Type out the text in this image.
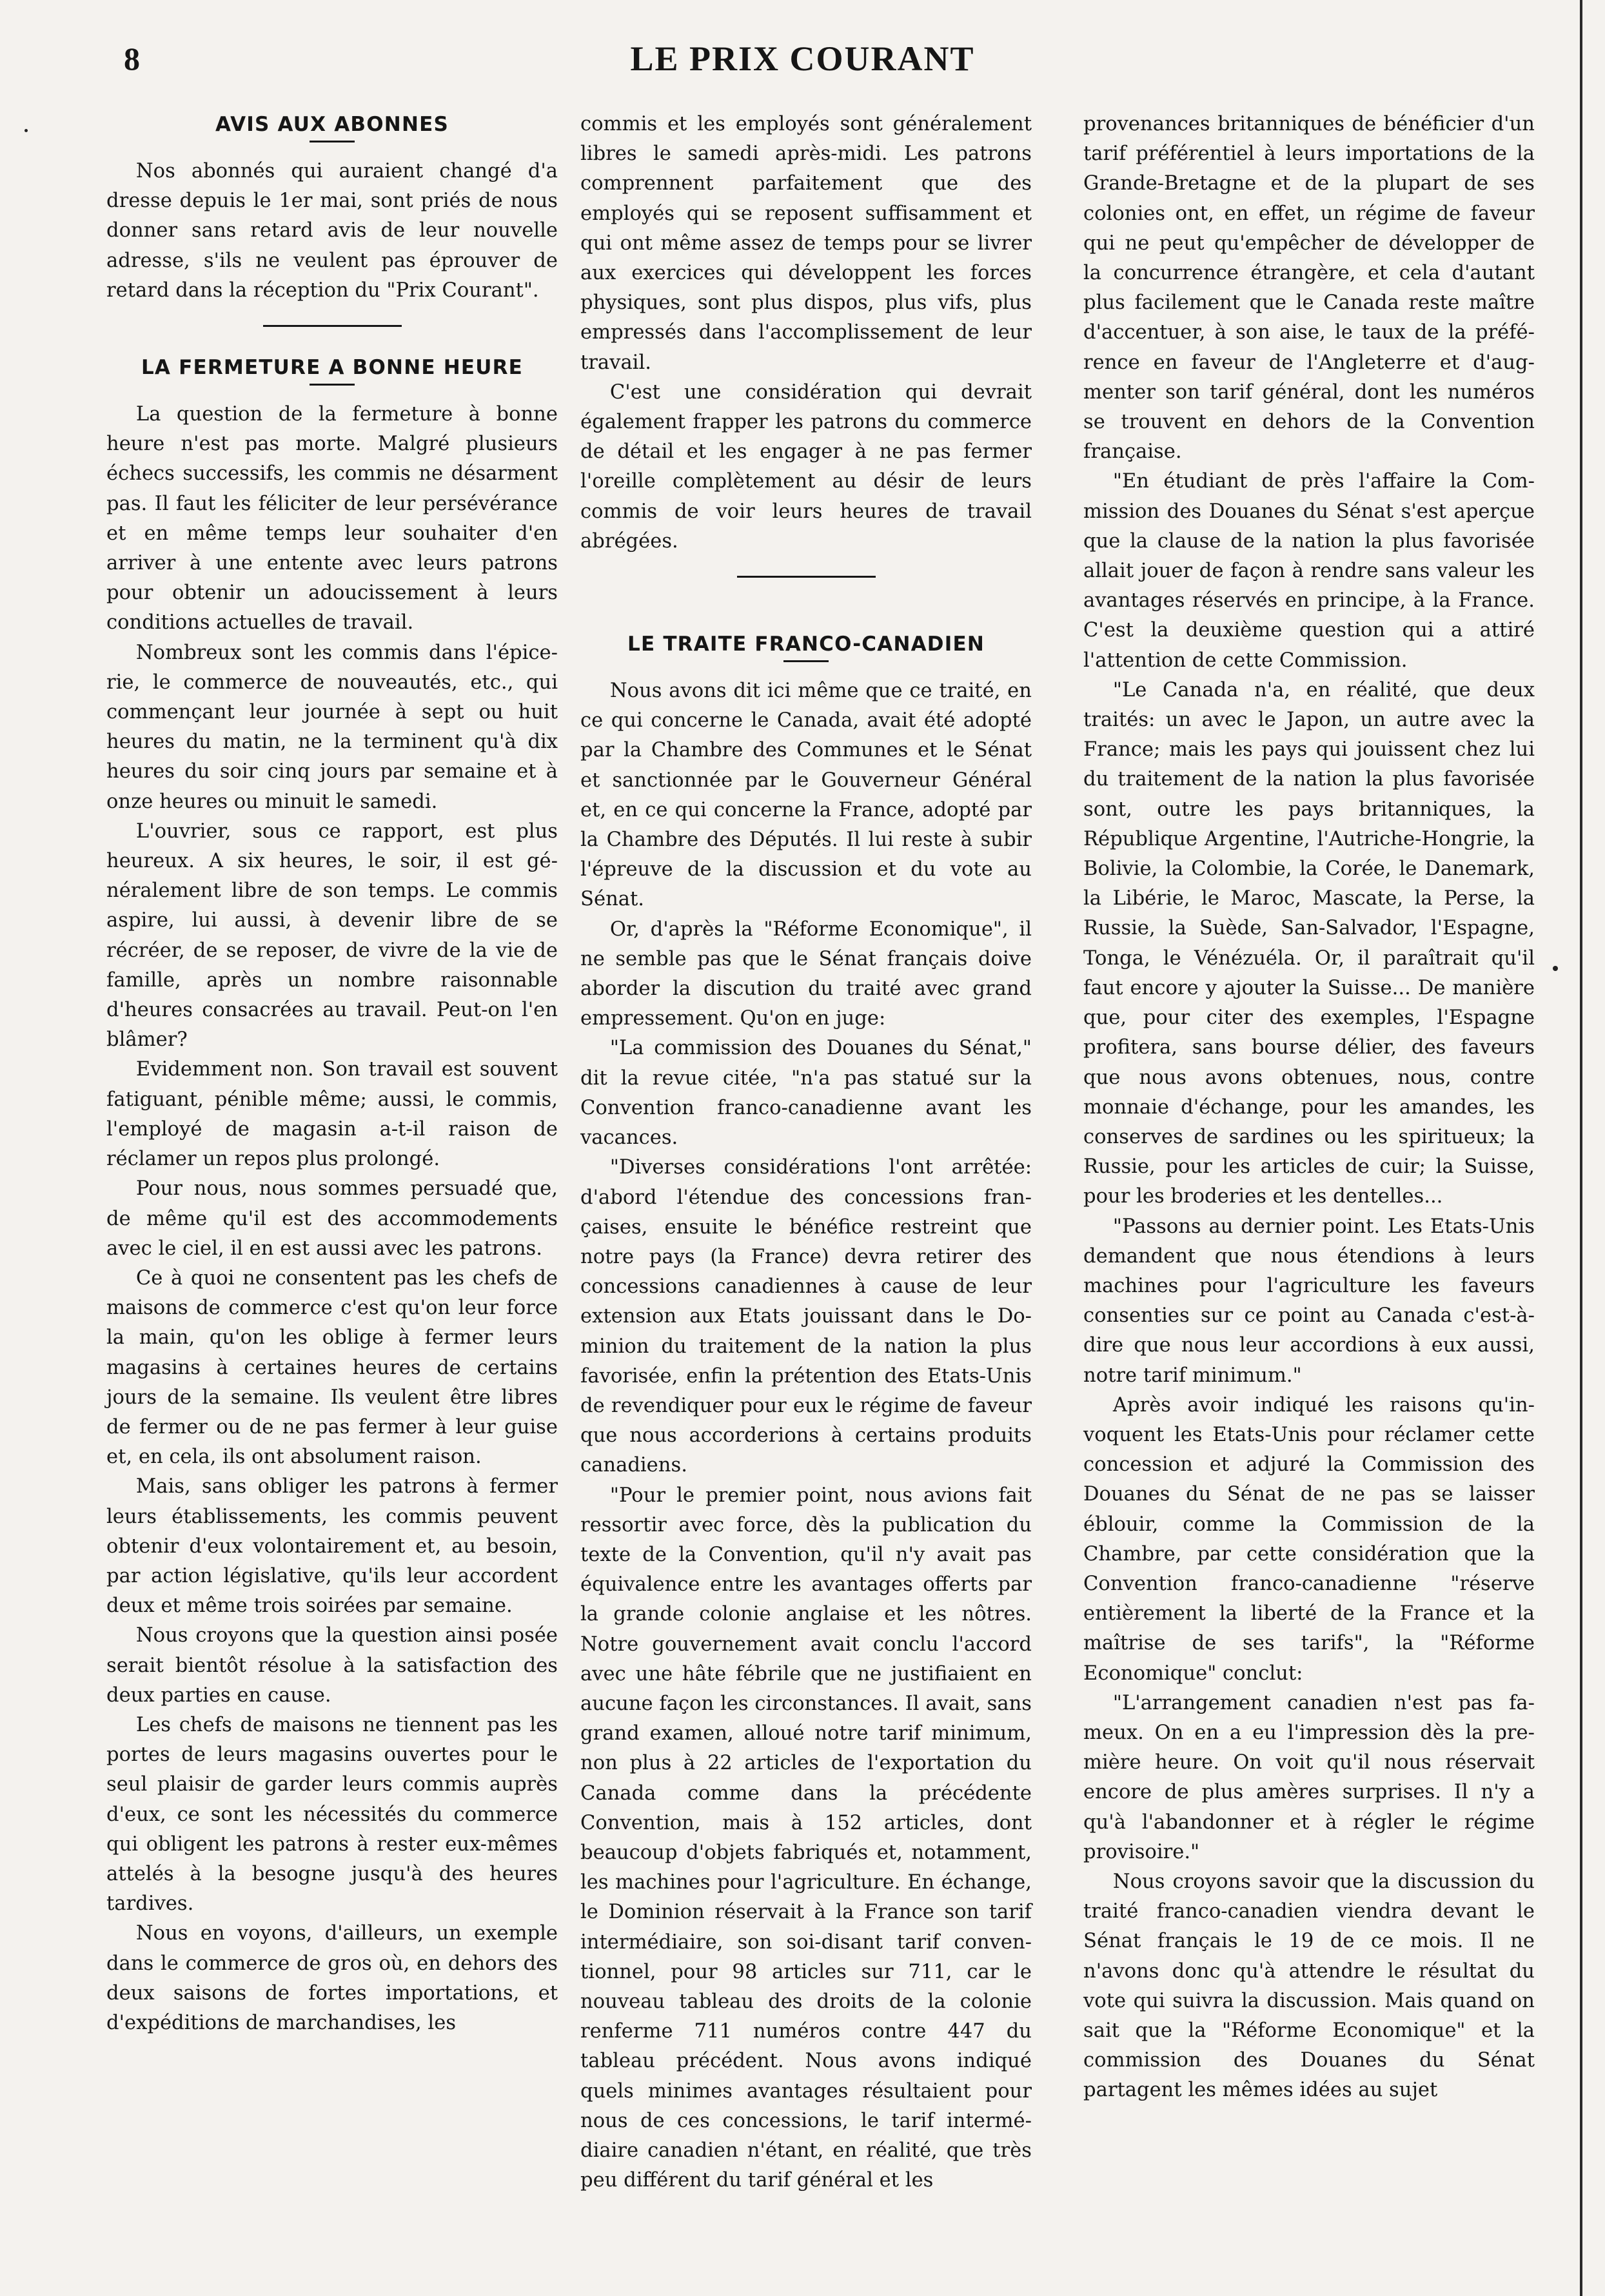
8	LE PRIX COURANT
AVIS AUX ABONNES

Nos abonnés qui auraient changé d'a dresse depuis le 1er mai, sont priés de nous donner sans retard avis de leur nouvelle adresse, s'ils ne veulent pas éprouver de retard dans la réception du "Prix Courant".

LA FERMETURE A BONNE HEURE

La question de la fermeture à bonne heure n'est pas morte. Malgré plusieurs échecs successifs, les commis ne désarment pas. Il faut les féliciter de leur persévérance et en même temps leur souhaiter d'en arriver à une entente avec leurs patrons pour obtenir un adoucissement à leurs conditions actuelles de travail.

Nombreux sont les commis dans l'épicerie, le commerce de nouveautés, etc., qui commençant leur journée à sept ou huit heures du matin, ne la terminent qu'à dix heures du soir cinq jours par semaine et à onze heures ou minuit le samedi.

L'ouvrier, sous ce rapport, est plus heureux. A six heures, le soir, il est généralement libre de son temps. Le commis aspire, lui aussi, à devenir libre de se récréer, de se reposer, de vivre de la vie de famille, après un nombre raisonnable d'heures consacrées au travail. Peut-on l'en blâmer?

Evidemment non. Son travail est souvent fatiguant, pénible même; aussi, le commis, l'employé de magasin a-t-il raison de réclamer un repos plus prolongé.

Pour nous, nous sommes persuadé que, de même qu'il est des accommodements avec le ciel, il en est aussi avec les patrons.

Ce à quoi ne consentent pas les chefs de maisons de commerce c'est qu'on leur force la main, qu'on les oblige à fermer leurs magasins à certaines heures de certains jours de la semaine. Ils veulent être libres de fermer ou de ne pas fermer à leur guise et, en cela, ils ont absolument raison.

Mais, sans obliger les patrons à fermer leurs établissements, les commis peuvent obtenir d'eux volontairement et, au besoin, par action législative, qu'ils leur accordent deux et même trois soirées par semaine.

Nous croyons que la question ainsi posée serait bientôt résolue à la satisfaction des deux parties en cause.

Les chefs de maisons ne tiennent pas les portes de leurs magasins ouvertes pour le seul plaisir de garder leurs commis auprès d'eux, ce sont les nécessités du commerce qui obligent les patrons à rester eux-mêmes attelés à la besogne jusqu'à des heures tardives.

Nous en voyons, d'ailleurs, un exemple dans le commerce de gros où, en dehors des deux saisons de fortes importations, et d'expéditions de marchandises, les

commis et les employés sont généralement libres le samedi après-midi. Les patrons comprennent parfaitement que des employés qui se reposent suffisamment et qui ont même assez de temps pour se livrer aux exercices qui développent les forces physiques, sont plus dispos, plus vifs, plus empressés dans l'accomplissement de leur travail.

C'est une considération qui devrait également frapper les patrons du commerce de détail et les engager à ne pas fermer l'oreille complètement au désir de leurs commis de voir leurs heures de travail abrégées.

LE TRAITE FRANCO-CANADIEN

Nous avons dit ici même que ce traité, en ce qui concerne le Canada, avait été adopté par la Chambre des Communes et le Sénat et sanctionnée par le Gouverneur Général et, en ce qui concerne la France, adopté par la Chambre des Députés. Il lui reste à subir l'épreuve de la discussion et du vote au Sénat.

Or, d'après la "Réforme Economique", il ne semble pas que le Sénat français doive aborder la discution du traité avec grand empressement. Qu'on en juge:

"La commission des Douanes du Sénat," dit la revue citée, "n'a pas statué sur la Convention franco-canadienne avant les vacances.

"Diverses considérations l'ont arrêtée: d'abord l'étendue des concessions françaises, ensuite le bénéfice restreint que notre pays (la France) devra retirer des concessions canadiennes à cause de leur extension aux Etats jouissant dans le Dominion du traitement de la nation la plus favorisée, enfin la prétention des Etats-Unis de revendiquer pour eux le régime de faveur que nous accorderions à certains produits canadiens.

"Pour le premier point, nous avions fait ressortir avec force, dès la publication du texte de la Convention, qu'il n'y avait pas équivalence entre les avantages offerts par la grande colonie anglaise et les nôtres. Notre gouvernement avait conclu l'accord avec une hâte fébrile que ne justifiaient en aucune façon les circonstances. Il avait, sans grand examen, alloué notre tarif minimum, non plus à 22 articles de l'exportation du Canada comme dans la précédente Convention, mais à 152 articles, dont beaucoup d'objets fabriqués et, notamment, les machines pour l'agriculture. En échange, le Dominion réservait à la France son tarif intermédiaire, son soi-disant tarif conventionnel, pour 98 articles sur 711, car le nouveau tableau des droits de la colonie renferme 711 numéros contre 447 du tableau précédent. Nous avons indiqué quels minimes avantages résultaient pour nous de ces concessions, le tarif intermédiaire canadien n'étant, en réalité, que très peu différent du tarif général et les

provenances britanniques de bénéficier d'un tarif préférentiel à leurs importations de la Grande-Bretagne et de la plupart de ses colonies ont, en effet, un régime de faveur qui ne peut qu'empêcher de développer de la concurrence étrangère, et cela d'autant plus facilement que le Canada reste maître d'accentuer, à son aise, le taux de la préférence en faveur de l'Angleterre et d'augmenter son tarif général, dont les numéros se trouvent en dehors de la Convention française.

"En étudiant de près l'affaire la Commission des Douanes du Sénat s'est aperçue que la clause de la nation la plus favorisée allait jouer de façon à rendre sans valeur les avantages réservés en principe, à la France. C'est la deuxième question qui a attiré l'attention de cette Commission.

"Le Canada n'a, en réalité, que deux traités: un avec le Japon, un autre avec la France; mais les pays qui jouissent chez lui du traitement de la nation la plus favorisée sont, outre les pays britanniques, la République Argentine, l'Autriche-Hongrie, la Bolivie, la Colombie, la Corée, le Danemark, la Libérie, le Maroc, Mascate, la Perse, la Russie, la Suède, San-Salvador, l'Espagne, Tonga, le Vénézuéla. Or, il paraîtrait qu'il faut encore y ajouter la Suisse... De manière que, pour citer des exemples, l'Espagne profitera, sans bourse délier, des faveurs que nous avons obtenues, nous, contre monnaie d'échange, pour les amandes, les conserves de sardines ou les spiritueux; la Russie, pour les articles de cuir; la Suisse, pour les broderies et les dentelles...

"Passons au dernier point. Les Etats-Unis demandent que nous étendions à leurs machines pour l'agriculture les faveurs consenties sur ce point au Canada c'est-à-dire que nous leur accordions à eux aussi, notre tarif minimum."

Après avoir indiqué les raisons qu'invoquent les Etats-Unis pour réclamer cette concession et adjuré la Commission des Douanes du Sénat de ne pas se laisser éblouir, comme la Commission de la Chambre, par cette considération que la Convention franco-canadienne "réserve entièrement la liberté de la France et la maîtrise de ses tarifs", la "Réforme Economique" conclut:

"L'arrangement canadien n'est pas fameux. On en a eu l'impression dès la première heure. On voit qu'il nous réservait encore de plus amères surprises. Il n'y a qu'à l'abandonner et à régler le régime provisoire."

Nous croyons savoir que la discussion du traité franco-canadien viendra devant le Sénat français le 19 de ce mois. Il ne n'avons donc qu'à attendre le résultat du vote qui suivra la discussion. Mais quand on sait que la "Réforme Economique" et la commission des Douanes du Sénat partagent les mêmes idées au sujet
